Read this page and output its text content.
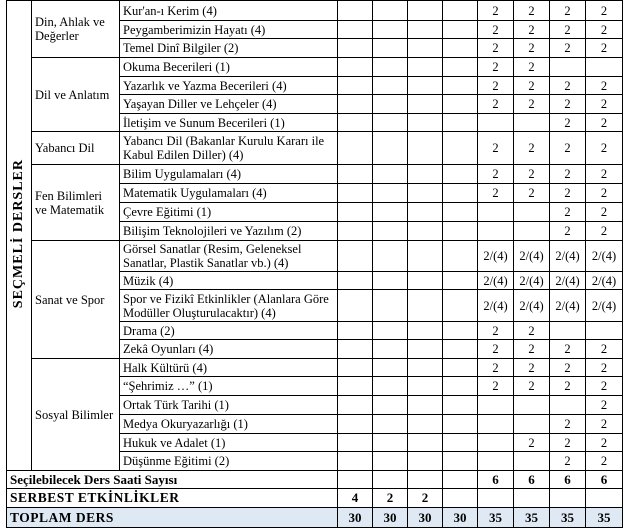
SEÇMELİ DERSLER	Din, Ahlak ve Değerler	Kur'an-ı Kerim (4)					2	2	2	2
		Peygamberimizin Hayatı (4)					2	2	2	2
		Temel Dinî Bilgiler (2)					2	2	2	2
	Dil ve Anlatım	Okuma Becerileri (1)					2	2		
		Yazarlık ve Yazma Becerileri (4)					2	2	2	2
		Yaşayan Diller ve Lehçeler (4)					2	2	2	2
		İletişim ve Sunum Becerileri (1)							2	2
	Yabancı Dil	Yabancı Dil (Bakanlar Kurulu Kararı ile Kabul Edilen Diller) (4)					2	2	2	2
	Fen Bilimleri ve Matematik	Bilim Uygulamaları (4)					2	2	2	2
		Matematik Uygulamaları (4)					2	2	2	2
		Çevre Eğitimi (1)							2	2
		Bilişim Teknolojileri ve Yazılım (2)							2	2
	Sanat ve Spor	Görsel Sanatlar (Resim, Geleneksel Sanatlar, Plastik Sanatlar vb.) (4)					2/(4)	2/(4)	2/(4)	2/(4)
		Müzik (4)					2/(4)	2/(4)	2/(4)	2/(4)
		Spor ve Fizikî Etkinlikler (Alanlara Göre Modüller Oluşturulacaktır) (4)					2/(4)	2/(4)	2/(4)	2/(4)
		Drama (2)					2	2		
		Zekâ Oyunları (4)					2	2	2	2
	Sosyal Bilimler	Halk Kültürü (4)					2	2	2	2
		“Şehrimiz …” (1)					2	2	2	2
		Ortak Türk Tarihi (1)								2
		Medya Okuryazarlığı (1)							2	2
		Hukuk ve Adalet (1)						2	2	2
		Düşünme Eğitimi (2)							2	2
Seçilebilecek Ders Saati Sayısı							6	6	6	6
SERBEST ETKİNLİKLER			4	2	2					
TOPLAM DERS			30	30	30	30	35	35	35	35
